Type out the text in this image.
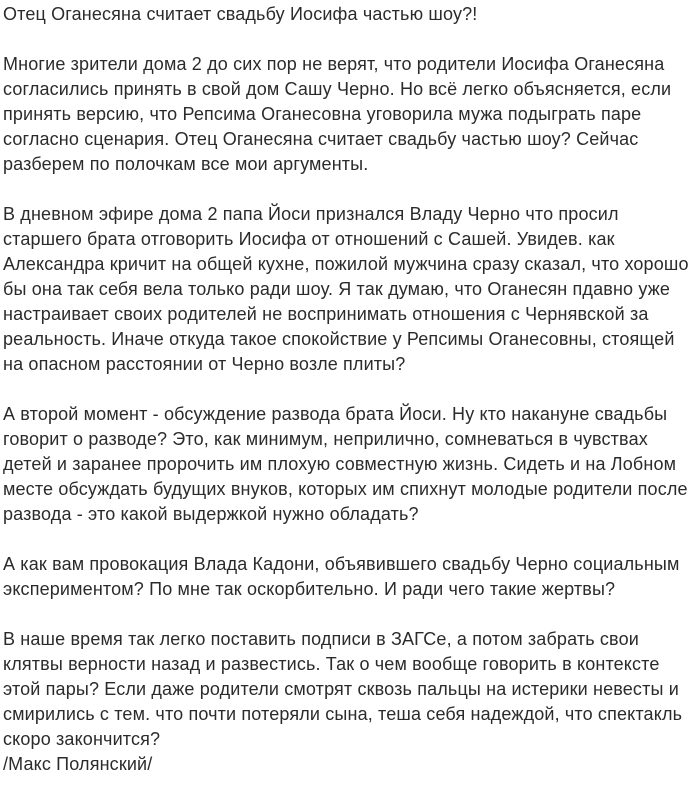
Отец Оганесяна считает свадьбу Иосифа частью шоу?!

Многие зрители дома 2 до сих пор не верят, что родители Иосифа Оганесяна согласились принять в свой дом Сашу Черно. Но всё легко объясняется, если принять версию, что Репсима Оганесовна уговорила мужа подыграть паре согласно сценария. Отец Оганесяна считает свадьбу частью шоу? Сейчас разберем по полочкам все мои аргументы.

В дневном эфире дома 2 папа Йоси признался Владу Черно что просил старшего брата отговорить Иосифа от отношений с Сашей. Увидев. как Александра кричит на общей кухне, пожилой мужчина сразу сказал, что хорошо бы она так себя вела только ради шоу. Я так думаю, что Оганесян пдавно уже настраивает своих родителей не воспринимать отношения с Чернявской за реальность. Иначе откуда такое спокойствие у Репсимы Оганесовны, стоящей на опасном расстоянии от Черно возле плиты?

А второй момент - обсуждение развода брата Йоси. Ну кто накануне свадьбы говорит о разводе? Это, как минимум, неприлично, сомневаться в чувствах детей и заранее пророчить им плохую совместную жизнь. Сидеть и на Лобном месте обсуждать будущих внуков, которых им спихнут молодые родители после развода - это какой выдержкой нужно обладать?

А как вам провокация Влада Кадони, объявившего свадьбу Черно социальным экспериментом? По мне так оскорбительно. И ради чего такие жертвы?

В наше время так легко поставить подписи в ЗАГСе, а потом забрать свои клятвы верности назад и развестись. Так о чем вообще говорить в контексте этой пары? Если даже родители смотрят сквозь пальцы на истерики невесты и смирились с тем. что почти потеряли сына, теша себя надеждой, что спектакль скоро закончится?

/Макс Полянский/
